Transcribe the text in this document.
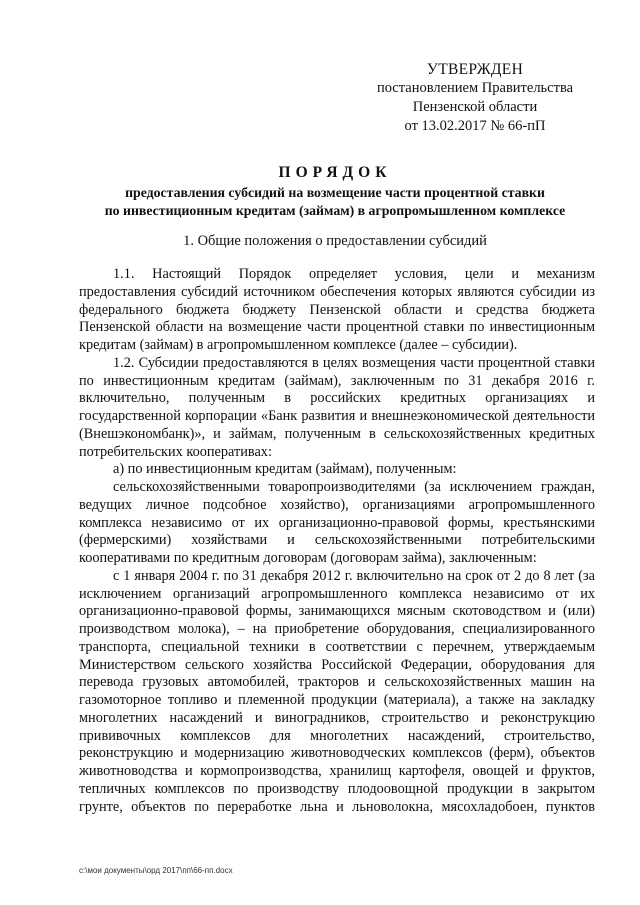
УТВЕРЖДЕН
постановлением Правительства
Пензенской области
от 13.02.2017 № 66-пП
ПОРЯДОК
предоставления субсидий на возмещение части процентной ставки
по инвестиционным кредитам (займам) в агропромышленном комплексе
1. Общие положения о предоставлении субсидий

1.1. Настоящий Порядок определяет условия, цели и механизм предоставления субсидий источником обеспечения которых являются субсидии из федерального бюджета бюджету Пензенской области и средства бюджета Пензенской области на возмещение части процентной ставки по инвестиционным кредитам (займам) в агропромышленном комплексе (далее – субсидии).

1.2. Субсидии предоставляются в целях возмещения части процентной ставки по инвестиционным кредитам (займам), заключенным по 31 декабря 2016 г. включительно, полученным в российских кредитных организациях и государственной корпорации «Банк развития и внешнеэкономической деятельности (Внешэкономбанк)», и займам, полученным в сельскохозяйственных кредитных потребительских кооперативах:

а) по инвестиционным кредитам (займам), полученным:

сельскохозяйственными товаропроизводителями (за исключением граждан, ведущих личное подсобное хозяйство), организациями агропромышленного комплекса независимо от их организационно-правовой формы, крестьянскими (фермерскими) хозяйствами и сельскохозяйственными потребительскими кооперативами по кредитным договорам (договорам займа), заключенным:

с 1 января 2004 г. по 31 декабря 2012 г. включительно на срок от 2 до 8 лет (за исключением организаций агропромышленного комплекса независимо от их организационно-правовой формы, занимающихся мясным скотоводством и (или) производством молока), – на приобретение оборудования, специализированного транспорта, специальной техники в соответствии с перечнем, утверждаемым Министерством сельского хозяйства Российской Федерации, оборудования для перевода грузовых автомобилей, тракторов и сельскохозяйственных машин на газомоторное топливо и племенной продукции (материала), а также на закладку многолетних насаждений и виноградников, строительство и реконструкцию прививочных комплексов для многолетних насаждений, строительство, реконструкцию и модернизацию животноводческих комплексов (ферм), объектов животноводства и кормопроизводства, хранилищ картофеля, овощей и фруктов, тепличных комплексов по производству плодоовощной продукции в закрытом грунте, объектов по переработке льна и льноволокна, мясохладобоен, пунктов

c:\мои документы\орд 2017\пп\66-пп.docx
